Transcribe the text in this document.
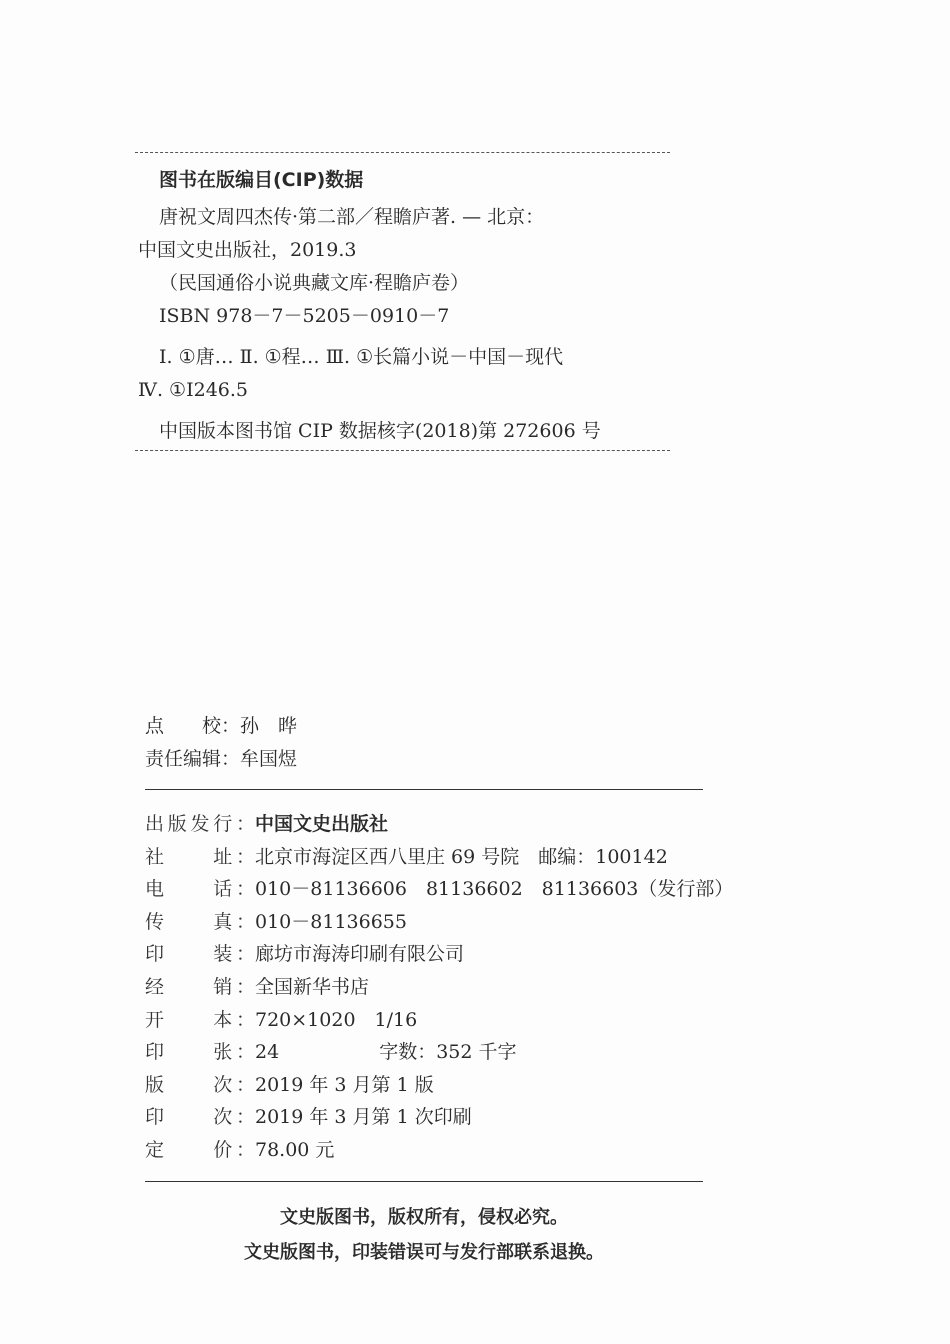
图书在版编目(CIP)数据
唐祝文周四杰传·第二部／程瞻庐著. — 北京：
中国文史出版社，2019.3
（民国通俗小说典藏文库·程瞻庐卷）
ISBN 978－7－5205－0910－7
Ⅰ. ①唐… Ⅱ. ①程… Ⅲ. ①长篇小说－中国－现代
Ⅳ. ①I246.5
中国版本图书馆 CIP 数据核字(2018)第 272606 号
点　　校：孙　晔
责任编辑：牟国煜
出版发行： 中国文史出版社
社　　址： 北京市海淀区西八里庄 69 号院　邮编：100142
电　　话： 010－81136606　81136602　81136603（发行部）
传　　真： 010－81136655
印　　装： 廊坊市海涛印刷有限公司
经　　销： 全国新华书店
开　　本： 720×1020　1/16
印　　张： 24	字数：352 千字
版　　次： 2019 年 3 月第 1 版
印　　次： 2019 年 3 月第 1 次印刷
定　　价： 78.00 元
文史版图书，版权所有，侵权必究。
文史版图书，印装错误可与发行部联系退换。
